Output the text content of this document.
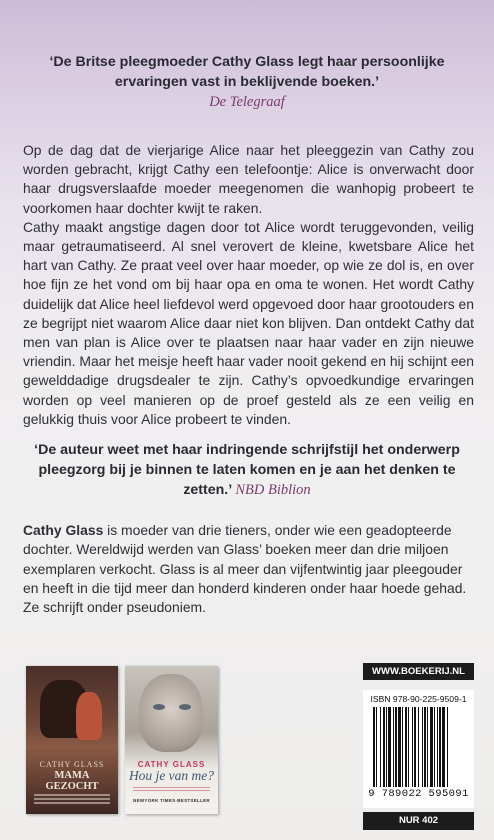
‘De Britse pleegmoeder Cathy Glass legt haar persoonlijke ervaringen vast in beklijvende boeken.’
De Telegraaf

Op de dag dat de vierjarige Alice naar het pleeggezin van Cathy zou worden gebracht, krijgt Cathy een telefoontje: Alice is onverwacht door haar drugsverslaafde moeder meegenomen die wanhopig probeert te voorkomen haar dochter kwijt te raken.

Cathy maakt angstige dagen door tot Alice wordt teruggevonden, veilig maar getraumatiseerd. Al snel verovert de kleine, kwetsbare Alice het hart van Cathy. Ze praat veel over haar moeder, op wie ze dol is, en over hoe fijn ze het vond om bij haar opa en oma te wonen. Het wordt Cathy duidelijk dat Alice heel liefdevol werd opgevoed door haar grootouders en ze begrijpt niet waarom Alice daar niet kon blijven. Dan ontdekt Cathy dat men van plan is Alice over te plaatsen naar haar vader en zijn nieuwe vriendin. Maar het meisje heeft haar vader nooit gekend en hij schijnt een gewelddadige drugsdealer te zijn. Cathy’s opvoedkundige ervaringen worden op veel manieren op de proef gesteld als ze een veilig en gelukkig thuis voor Alice probeert te vinden.

‘De auteur weet met haar indringende schrijfstijl het onderwerp pleegzorg bij je binnen te laten komen en je aan het denken te zetten.’ NBD Biblion
Cathy Glass is moeder van drie tieners, onder wie een geadopteerde dochter. Wereldwijd werden van Glass’ boeken meer dan drie miljoen exemplaren verkocht. Glass is al meer dan vijfentwintig jaar pleegouder en heeft in die tijd meer dan honderd kinderen onder haar hoede gehad. Ze schrijft onder pseudoniem.
CATHY GLASS
MAMA
GEZOCHT
CATHY GLASS
Hou je van me?
NEWYORK TIMES-BESTSELLER
WWW.BOEKERIJ.NL
ISBN 978-90-225-9509-1
9 789022 595091
NUR 402
